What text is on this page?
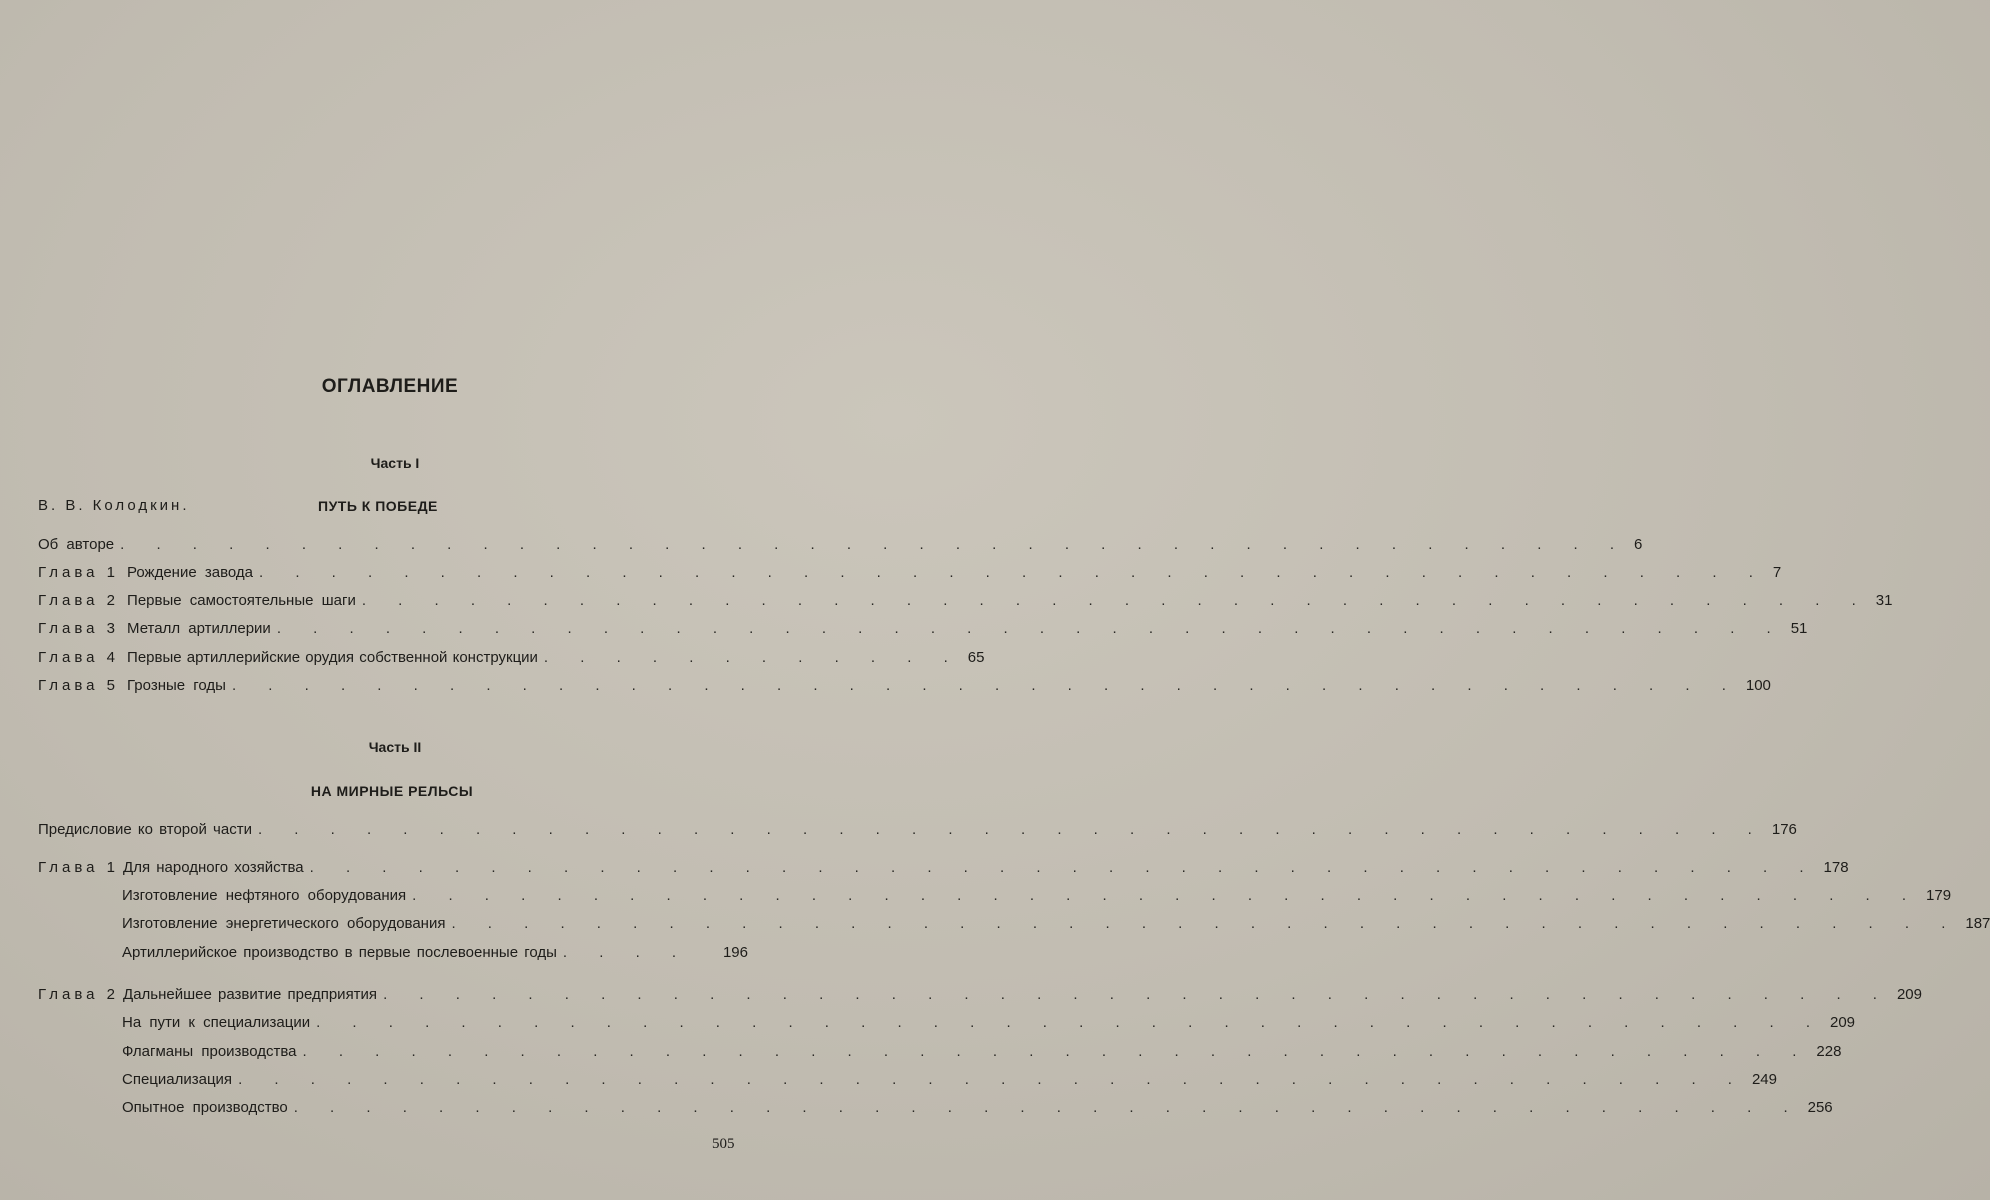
ОГЛАВЛЕНИЕ
Часть I
В. В. Колодкин.	ПУТЬ К ПОБЕДЕ
Об автоpe . . . . . . . . . . . . . . . . . . . . . . . . . . . . . . . . . . . . . . . . . . 6
Глава 1 Рождение завода . . . . . . . . . . . . . . . . . . . . . . . . . . . . . . . . . . . . . . . . . . 7
Глава 2 Первые самостоятельные шаги . . . . . . . . . . . . . . . . . . . . . . . . . . . . . . . . . . . . . . . . . . 31
Глава 3 Металл артиллерии . . . . . . . . . . . . . . . . . . . . . . . . . . . . . . . . . . . . . . . . . . 51
Глава 4 Первые артиллерийские орудия собственной конструкции . . . . . . . . . . . . 65
Глава 5 Грозные годы . . . . . . . . . . . . . . . . . . . . . . . . . . . . . . . . . . . . . . . . . . 100
Часть II
НА МИРНЫЕ РЕЛЬСЫ
Предисловие ко второй части . . . . . . . . . . . . . . . . . . . . . . . . . . . . . . . . . . . . . . . . . . 176
Глава 1 Для народного хозяйства . . . . . . . . . . . . . . . . . . . . . . . . . . . . . . . . . . . . . . . . . . 178
Изготовление нефтяного оборудования . . . . . . . . . . . . . . . . . . . . . . . . . . . . . . . . . . . . . . . . . . 179
Изготовление энергетического оборудования . . . . . . . . . . . . . . . . . . . . . . . . . . . . . . . . . . . . . . . . . . 187
Артиллерийское производство в первые послевоенные годы . . . .	196
Глава 2 Дальнейшее развитие предприятия . . . . . . . . . . . . . . . . . . . . . . . . . . . . . . . . . . . . . . . . . . 209
На пути к специализации . . . . . . . . . . . . . . . . . . . . . . . . . . . . . . . . . . . . . . . . . . 209
Флагманы производства . . . . . . . . . . . . . . . . . . . . . . . . . . . . . . . . . . . . . . . . . . 228
Специализация . . . . . . . . . . . . . . . . . . . . . . . . . . . . . . . . . . . . . . . . . . 249
Опытное производство . . . . . . . . . . . . . . . . . . . . . . . . . . . . . . . . . . . . . . . . . . 256
505
